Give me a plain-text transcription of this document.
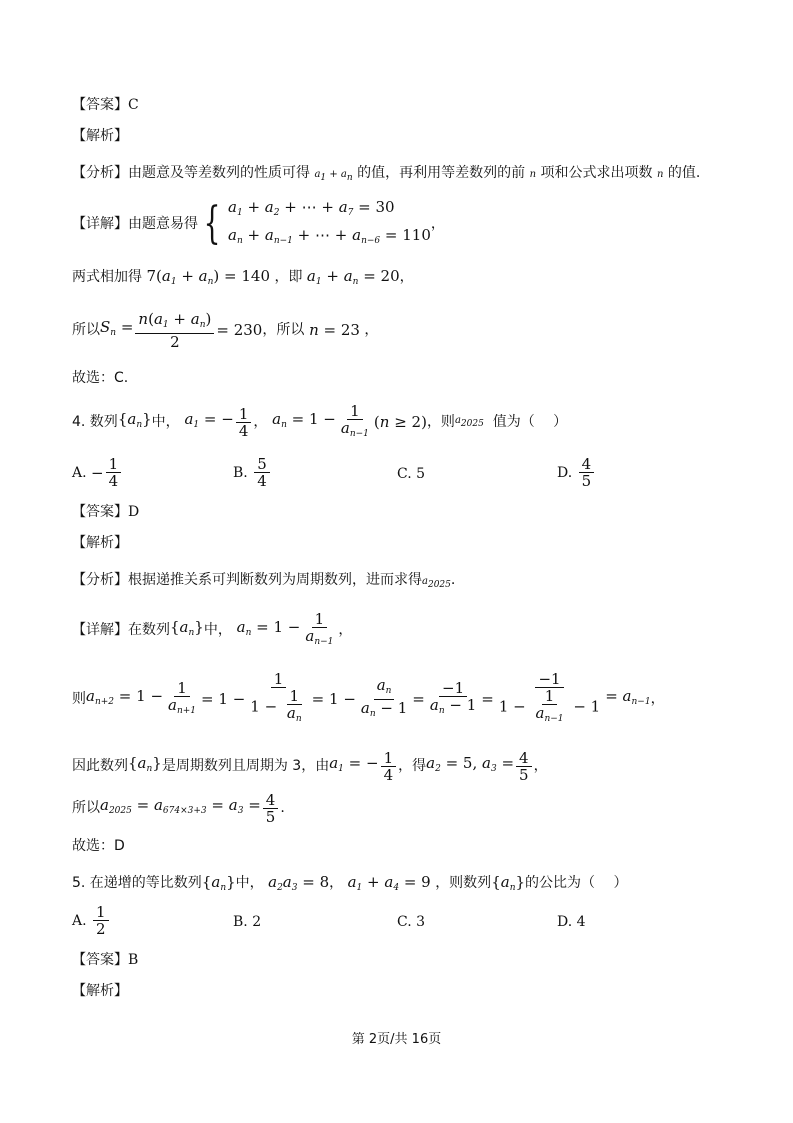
【答案】C
【解析】
【分析】由题意及等差数列的性质可得 $a_1 + a_n$ 的值，再利用等差数列的前 n 项和公式求出项数 n 的值.
【详解】 由题意易得 { $a_1 + a_2$ + ⋯ + $a_7 = 30$
$a_n + a_{n-1}$ + ⋯ + $a_{n-6} = 110$
，
两式相加得 $7(a_1 + a_n) = 140$ ，即 $a_1 + a_n = 20$，
所以 $S_n = \frac{n(a_1 + a_n)}{2} = 230$ ，所以 n = 23 ，
故选：C.
4. 数列 $\{a_n\}$ 中， $a_1$ = − $\frac{1}{4}$ ， $a_n = 1 - \frac{1}{a_{n-1}} (n \ge 2)$ ，则 $a_{2025}$
值为（　 ）
A.
− $\frac{1}{4}$	B.
$\frac{5}{4}$	C. 5	D.
$\frac{4}{5}$
【答案】D
【解析】
【分析】根据递推关系可判断数列为周期数列，进而求得$a_{2025}$.
【详解】 在数列 $\{a_n\}$ 中， $a_n = 1 - \frac{1}{a_{n-1}}$ ，
则 $a_{n+2} = 1 - \frac{1}{a_{n+1}} = 1 - \frac{1}{1 - \frac{1}{a_n}} = 1 - \frac{a_n}{a_n - 1} = \frac{-1}{a_n - 1} = \frac{-1}{1 - \frac{1}{a_{n-1}} - 1} = a_{n-1}$ ，
因此数列 $\{a_n\}$ 是周期数列且周期为 3，由 $a_1$ = − $\frac{1}{4}$ ，得 $a_2 = 5$, $a_3 = \frac{4}{5}$ ，
所以 $a_{2025} = a_{674\times 3+3} = a_3 = \frac{4}{5}$ .
故选：D
5. 在递增的等比数列$\{a_n\}$中， $a_2a_3 = 8$， $a_1 + a_4 = 9$ ，则数列$\{a_n\}$的公比为（　 ）
A.
$\frac{1}{2}$	B. 2	C. 3	D. 4
【答案】B
【解析】
第 2页/共 16页
